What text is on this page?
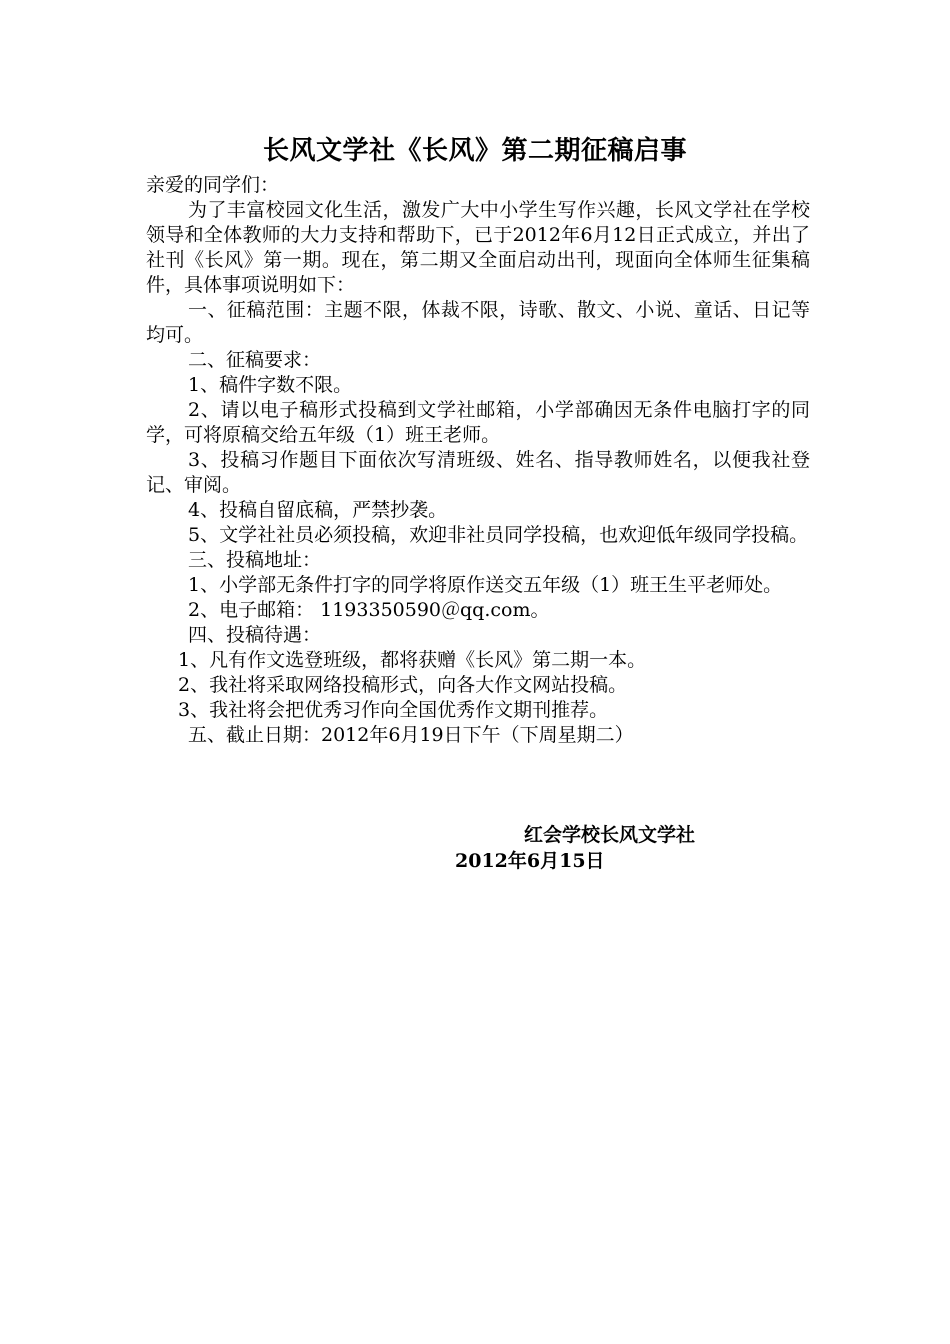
长风文学社《长风》第二期征稿启事

亲爱的同学们：

为了丰富校园文化生活，激发广大中小学生写作兴趣，长风文学社在学校领导和全体教师的大力支持和帮助下，已于2012年6月12日正式成立，并出了社刊《长风》第一期。现在，第二期又全面启动出刊，现面向全体师生征集稿件，具体事项说明如下：

一、征稿范围：主题不限，体裁不限，诗歌、散文、小说、童话、日记等均可。

二、征稿要求：

1、稿件字数不限。

2、请以电子稿形式投稿到文学社邮箱，小学部确因无条件电脑打字的同学，可将原稿交给五年级（1）班王老师。

3、投稿习作题目下面依次写清班级、姓名、指导教师姓名，以便我社登记、审阅。

4、投稿自留底稿，严禁抄袭。

5、文学社社员必须投稿，欢迎非社员同学投稿，也欢迎低年级同学投稿。

三、投稿地址：

1、小学部无条件打字的同学将原作送交五年级（1）班王生平老师处。

2、电子邮箱： 1193350590＠qq.com。

四、投稿待遇：

1、凡有作文选登班级，都将获赠《长风》第二期一本。

2、我社将采取网络投稿形式，向各大作文网站投稿。

3、我社将会把优秀习作向全国优秀作文期刊推荐。

五、截止日期：2012年6月19日下午（下周星期二）

红会学校长风文学社
2012年6月15日
